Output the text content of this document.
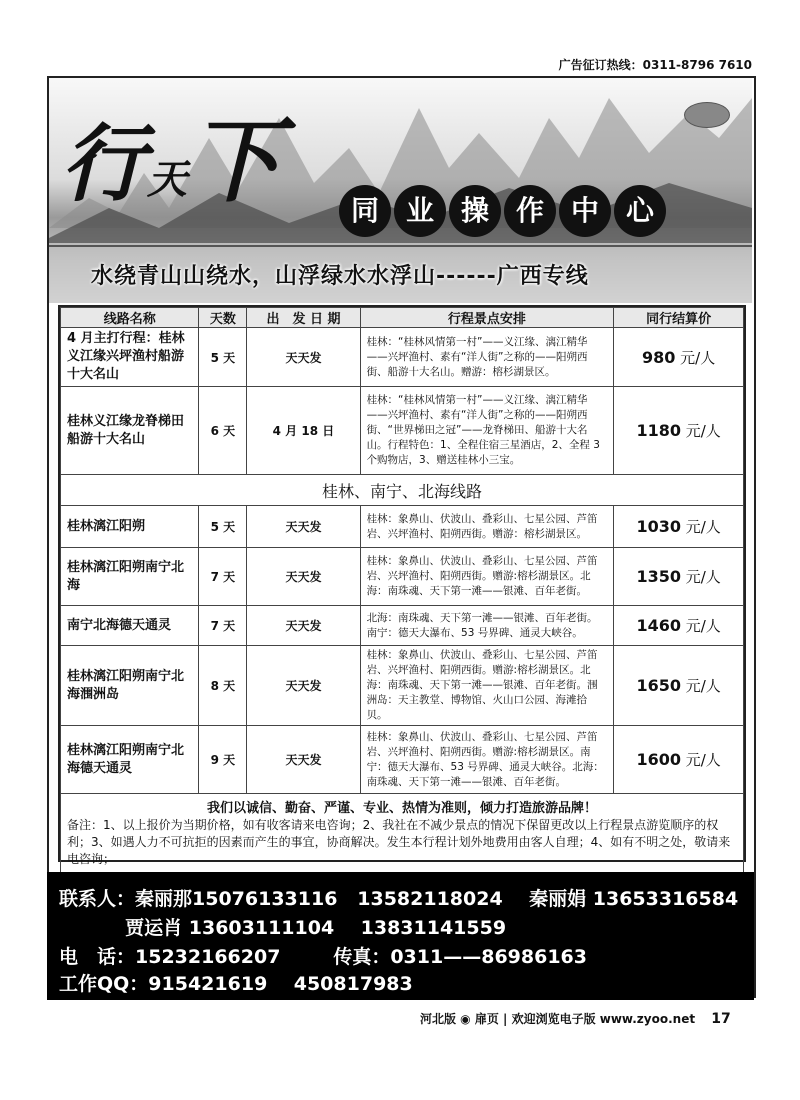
广告征订热线：0311-8796 7610
行天下	同 业 操 作 中 心
水绕青山山绕水，山浮绿水水浮山------广西专线
线路名称	天数	出　发 日 期	行程景点安排	同行结算价
4 月主打行程：桂林义江缘兴坪渔村船游十大名山	5 天	天天发	桂林：“桂林风情第一村”——义江缘、漓江精华——兴坪渔村、素有“洋人街”之称的——阳朔西街、船游十大名山。赠游：榕杉湖景区。	980 元/人
桂林义江缘龙脊梯田船游十大名山	6 天	4 月 18 日	桂林：“桂林风情第一村”——义江缘、漓江精华——兴坪渔村、素有“洋人街”之称的——阳朔西街、“世界梯田之冠”——龙脊梯田、船游十大名山。行程特色：1、全程住宿三星酒店，2、全程 3 个购物店，3、赠送桂林小三宝。	1180 元/人
桂林、南宁、北海线路				
桂林漓江阳朔	5 天	天天发	桂林：象鼻山、伏波山、叠彩山、七星公园、芦笛岩、兴坪渔村、阳朔西街。赠游：榕杉湖景区。	1030 元/人
桂林漓江阳朔南宁北海	7 天	天天发	桂林：象鼻山、伏波山、叠彩山、七星公园、芦笛岩、兴坪渔村、阳朔西街。赠游:榕杉湖景区。北海：南珠魂、天下第一滩——银滩、百年老街。	1350 元/人
南宁北海德天通灵	7 天	天天发	北海：南珠魂、天下第一滩——银滩、百年老街。南宁：德天大瀑布、53 号界碑、通灵大峡谷。	1460 元/人
桂林漓江阳朔南宁北海涠洲岛	8 天	天天发	桂林：象鼻山、伏波山、叠彩山、七星公园、芦笛岩、兴坪渔村、阳朔西街。赠游:榕杉湖景区。北海：南珠魂、天下第一滩——银滩、百年老街。涠洲岛：天主教堂、博物馆、火山口公园、海滩拾贝。	1650 元/人
桂林漓江阳朔南宁北海德天通灵	9 天	天天发	桂林：象鼻山、伏波山、叠彩山、七星公园、芦笛岩、兴坪渔村、阳朔西街。赠游:榕杉湖景区。南宁：德天大瀑布、53 号界碑、通灵大峡谷。北海：南珠魂、天下第一滩——银滩、百年老街。	1600 元/人

我们以诚信、勤奋、严谨、专业、热情为准则，倾力打造旅游品牌！
备注：1、以上报价为当期价格，如有收客请来电咨询；2、我社在不减少景点的情况下保留更改以上行程景点游览顺序的权利；3、如遇人力不可抗拒的因素而产生的事宜，协商解决。发生本行程计划外地费用由客人自理；4、如有不明之处，敬请来电咨询；				
联系人：秦丽那15076133116   13582118024    秦丽娟 13653316584
贾运肖 13603111104    13831141559
电　话：15232166207        传真：0311——86986163
工作QQ：915421619    450817983
河北版 ◉ 扉页 | 欢迎浏览电子版 www.zyoo.net 17
